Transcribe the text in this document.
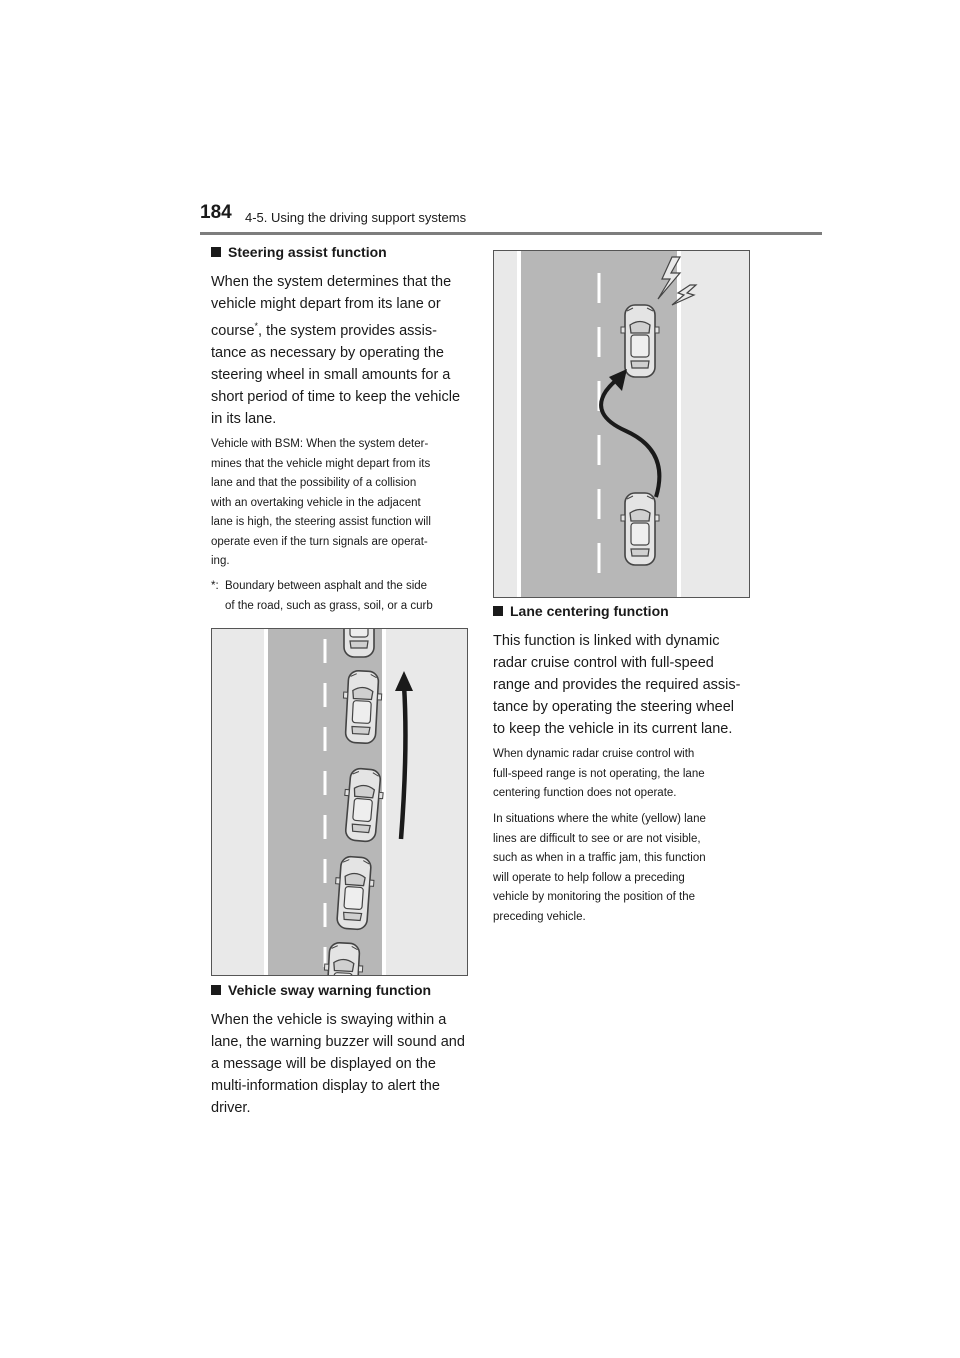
184 4-5. Using the driving support systems
Steering assist function

When the system determines that the

vehicle might depart from its lane or

course*, the system provides assis-

tance as necessary by operating the

steering wheel in small amounts for a

short period of time to keep the vehicle

in its lane.

Vehicle with BSM: When the system deter-

mines that the vehicle might depart from its

lane and that the possibility of a collision

with an overtaking vehicle in the adjacent

lane is high, the steering assist function will

operate even if the turn signals are operat-

ing.

*: Boundary between asphalt and the side

of the road, such as grass, soil, or a curb

Vehicle sway warning function

When the vehicle is swaying within a

lane, the warning buzzer will sound and

a message will be displayed on the

multi-information display to alert the

driver.

Lane centering function

This function is linked with dynamic

radar cruise control with full-speed

range and provides the required assis-

tance by operating the steering wheel

to keep the vehicle in its current lane.

When dynamic radar cruise control with

full-speed range is not operating, the lane

centering function does not operate.

In situations where the white (yellow) lane

lines are difficult to see or are not visible,

such as when in a traffic jam, this function

will operate to help follow a preceding

vehicle by monitoring the position of the

preceding vehicle.
